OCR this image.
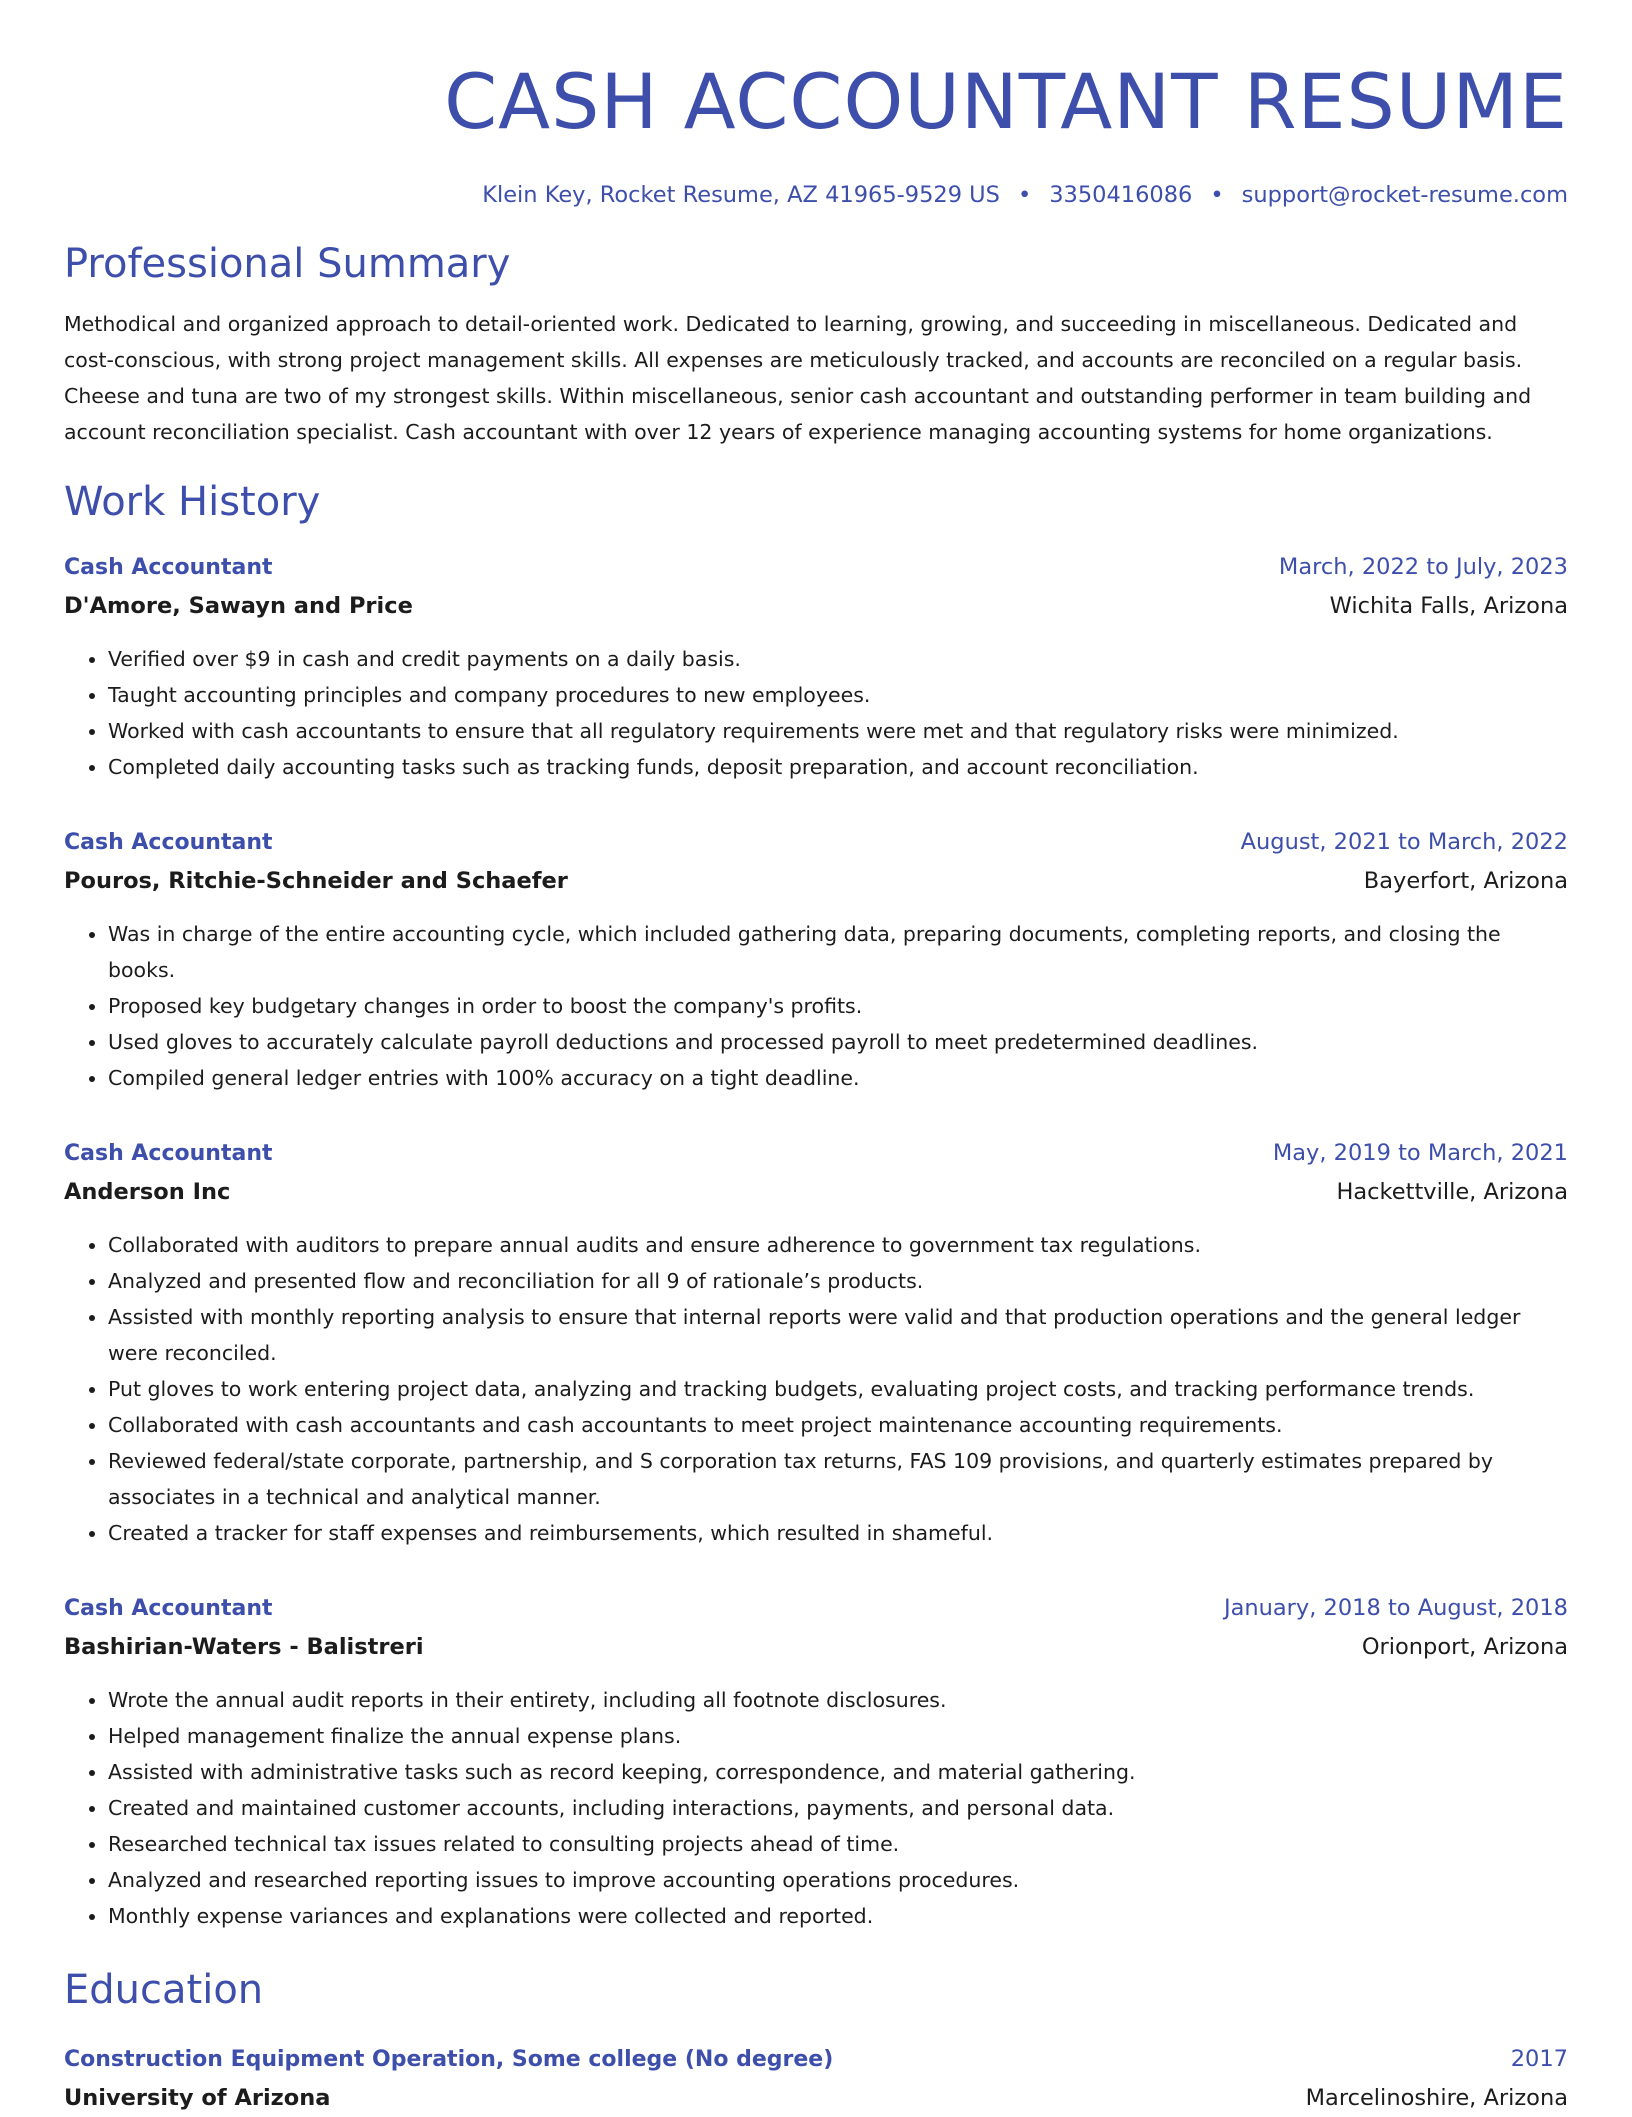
CASH ACCOUNTANT RESUME
Klein Key, Rocket Resume, AZ 41965-9529 US • 3350416086 • support@rocket-resume.com
Professional Summary

Methodical and organized approach to detail-oriented work. Dedicated to learning, growing, and succeeding in miscellaneous. Dedicated and cost-conscious, with strong project management skills. All expenses are meticulously tracked, and accounts are reconciled on a regular basis. Cheese and tuna are two of my strongest skills. Within miscellaneous, senior cash accountant and outstanding performer in team building and account reconciliation specialist. Cash accountant with over 12 years of experience managing accounting systems for home organizations.

Work History
Cash Accountant	March, 2022 to July, 2023
D'Amore, Sawayn and Price	Wichita Falls, Arizona
• Verified over $9 in cash and credit payments on a daily basis.
• Taught accounting principles and company procedures to new employees.
• Worked with cash accountants to ensure that all regulatory requirements were met and that regulatory risks were minimized.
• Completed daily accounting tasks such as tracking funds, deposit preparation, and account reconciliation.
Cash Accountant	August, 2021 to March, 2022
Pouros, Ritchie-Schneider and Schaefer	Bayerfort, Arizona
• Was in charge of the entire accounting cycle, which included gathering data, preparing documents, completing reports, and closing the books.
• Proposed key budgetary changes in order to boost the company's profits.
• Used gloves to accurately calculate payroll deductions and processed payroll to meet predetermined deadlines.
• Compiled general ledger entries with 100% accuracy on a tight deadline.
Cash Accountant	May, 2019 to March, 2021
Anderson Inc	Hackettville, Arizona
• Collaborated with auditors to prepare annual audits and ensure adherence to government tax regulations.
• Analyzed and presented flow and reconciliation for all 9 of rationale’s products.
• Assisted with monthly reporting analysis to ensure that internal reports were valid and that production operations and the general ledger were reconciled.
• Put gloves to work entering project data, analyzing and tracking budgets, evaluating project costs, and tracking performance trends.
• Collaborated with cash accountants and cash accountants to meet project maintenance accounting requirements.
• Reviewed federal/state corporate, partnership, and S corporation tax returns, FAS 109 provisions, and quarterly estimates prepared by associates in a technical and analytical manner.
• Created a tracker for staff expenses and reimbursements, which resulted in shameful.
Cash Accountant	January, 2018 to August, 2018
Bashirian-Waters - Balistreri	Orionport, Arizona
• Wrote the annual audit reports in their entirety, including all footnote disclosures.
• Helped management finalize the annual expense plans.
• Assisted with administrative tasks such as record keeping, correspondence, and material gathering.
• Created and maintained customer accounts, including interactions, payments, and personal data.
• Researched technical tax issues related to consulting projects ahead of time.
• Analyzed and researched reporting issues to improve accounting operations procedures.
• Monthly expense variances and explanations were collected and reported.
Education
Construction Equipment Operation, Some college (No degree)	2017
University of Arizona	Marcelinoshire, Arizona
